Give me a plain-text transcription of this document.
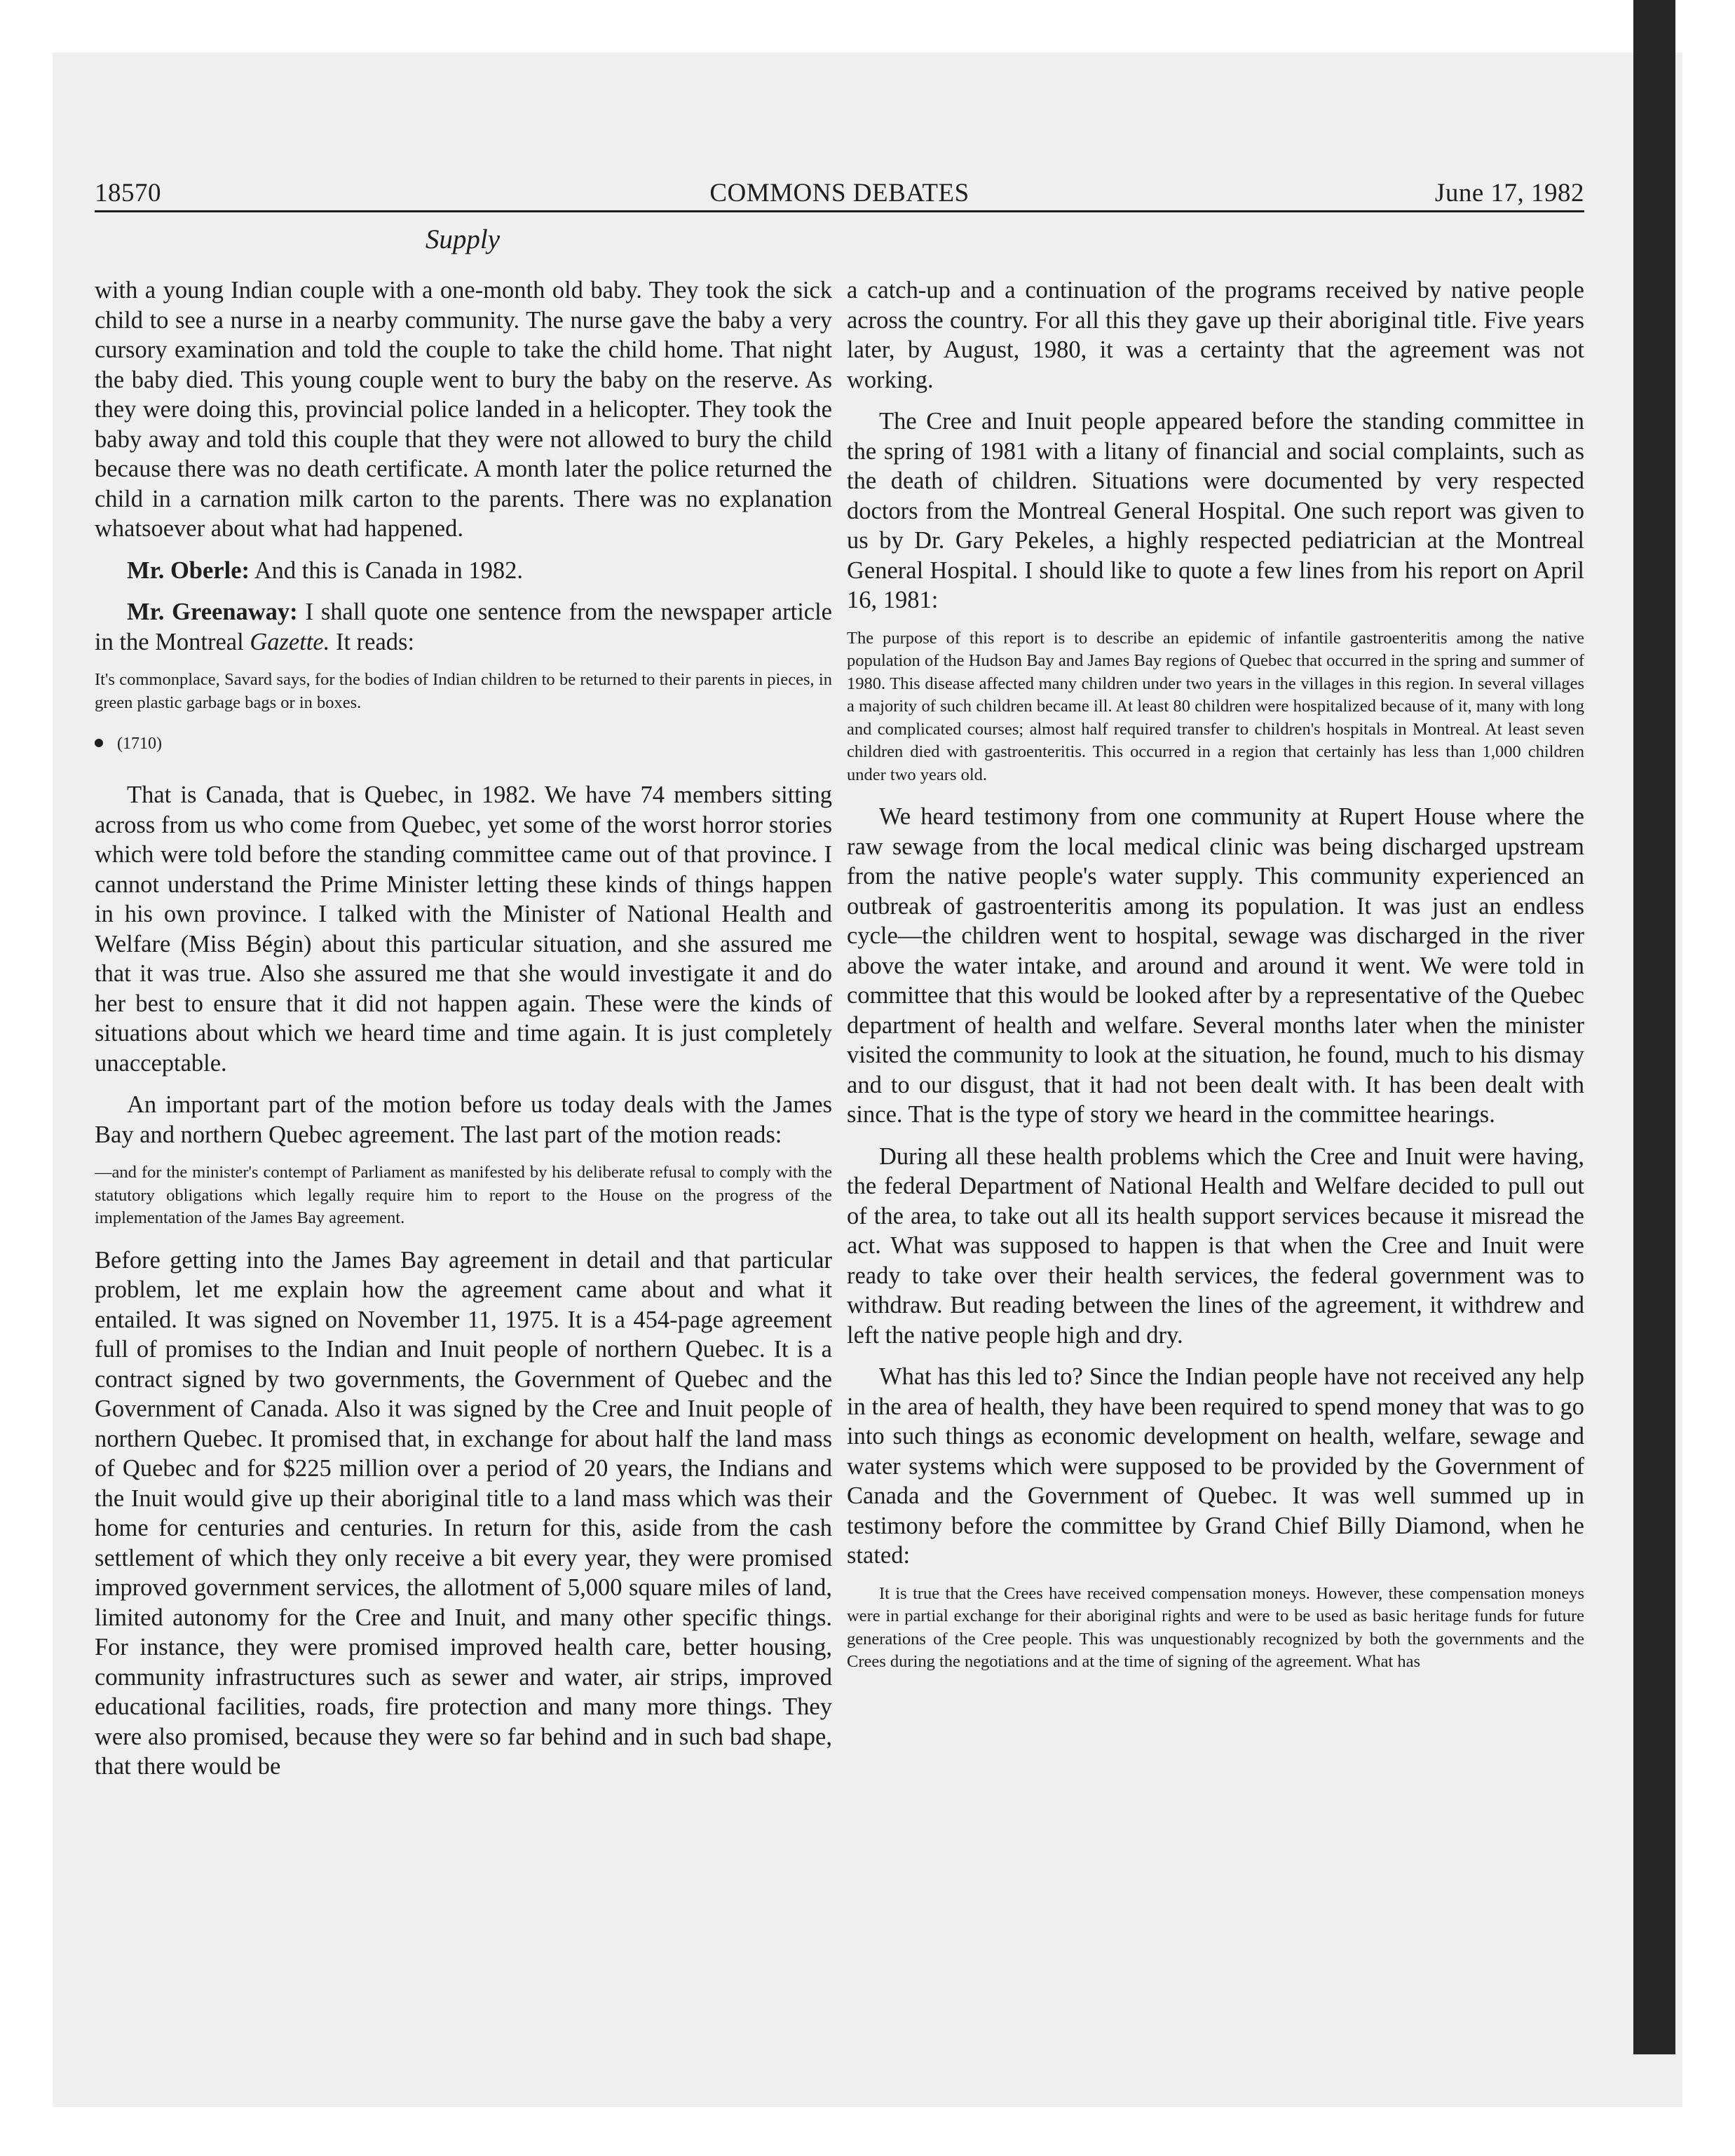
COMMONS DEBATES
18570	June 17, 1982
Supply

with a young Indian couple with a one-month old baby. They took the sick child to see a nurse in a nearby community. The nurse gave the baby a very cursory examination and told the couple to take the child home. That night the baby died. This young couple went to bury the baby on the reserve. As they were doing this, provincial police landed in a helicopter. They took the baby away and told this couple that they were not allowed to bury the child because there was no death certificate. A month later the police returned the child in a carnation milk carton to the parents. There was no explanation whatsoever about what had happened.

Mr. Oberle: And this is Canada in 1982.

Mr. Greenaway: I shall quote one sentence from the newspaper article in the Montreal Gazette. It reads:

It's commonplace, Savard says, for the bodies of Indian children to be returned to their parents in pieces, in green plastic garbage bags or in boxes.

(1710)

That is Canada, that is Quebec, in 1982. We have 74 members sitting across from us who come from Quebec, yet some of the worst horror stories which were told before the standing committee came out of that province. I cannot understand the Prime Minister letting these kinds of things happen in his own province. I talked with the Minister of National Health and Welfare (Miss Bégin) about this particular situation, and she assured me that it was true. Also she assured me that she would investigate it and do her best to ensure that it did not happen again. These were the kinds of situations about which we heard time and time again. It is just completely unacceptable.

An important part of the motion before us today deals with the James Bay and northern Quebec agreement. The last part of the motion reads:

—and for the minister's contempt of Parliament as manifested by his deliberate refusal to comply with the statutory obligations which legally require him to report to the House on the progress of the implementation of the James Bay agreement.

Before getting into the James Bay agreement in detail and that particular problem, let me explain how the agreement came about and what it entailed. It was signed on November 11, 1975. It is a 454-page agreement full of promises to the Indian and Inuit people of northern Quebec. It is a contract signed by two governments, the Government of Quebec and the Government of Canada. Also it was signed by the Cree and Inuit people of northern Quebec. It promised that, in exchange for about half the land mass of Quebec and for $225 million over a period of 20 years, the Indians and the Inuit would give up their aboriginal title to a land mass which was their home for centuries and centuries. In return for this, aside from the cash settlement of which they only receive a bit every year, they were promised improved government services, the allotment of 5,000 square miles of land, limited autonomy for the Cree and Inuit, and many other specific things. For instance, they were promised improved health care, better housing, community infrastructures such as sewer and water, air strips, improved educational facilities, roads, fire protection and many more things. They were also promised, because they were so far behind and in such bad shape, that there would be

a catch-up and a continuation of the programs received by native people across the country. For all this they gave up their aboriginal title. Five years later, by August, 1980, it was a certainty that the agreement was not working.

The Cree and Inuit people appeared before the standing committee in the spring of 1981 with a litany of financial and social complaints, such as the death of children. Situations were documented by very respected doctors from the Montreal General Hospital. One such report was given to us by Dr. Gary Pekeles, a highly respected pediatrician at the Montreal General Hospital. I should like to quote a few lines from his report on April 16, 1981:

The purpose of this report is to describe an epidemic of infantile gastroenteritis among the native population of the Hudson Bay and James Bay regions of Quebec that occurred in the spring and summer of 1980. This disease affected many children under two years in the villages in this region. In several villages a majority of such children became ill. At least 80 children were hospitalized because of it, many with long and complicated courses; almost half required transfer to children's hospitals in Montreal. At least seven children died with gastroenteritis. This occurred in a region that certainly has less than 1,000 children under two years old.

We heard testimony from one community at Rupert House where the raw sewage from the local medical clinic was being discharged upstream from the native people's water supply. This community experienced an outbreak of gastroenteritis among its population. It was just an endless cycle—the children went to hospital, sewage was discharged in the river above the water intake, and around and around it went. We were told in committee that this would be looked after by a representative of the Quebec department of health and welfare. Several months later when the minister visited the community to look at the situation, he found, much to his dismay and to our disgust, that it had not been dealt with. It has been dealt with since. That is the type of story we heard in the committee hearings.

During all these health problems which the Cree and Inuit were having, the federal Department of National Health and Welfare decided to pull out of the area, to take out all its health support services because it misread the act. What was supposed to happen is that when the Cree and Inuit were ready to take over their health services, the federal government was to withdraw. But reading between the lines of the agreement, it withdrew and left the native people high and dry.

What has this led to? Since the Indian people have not received any help in the area of health, they have been required to spend money that was to go into such things as economic development on health, welfare, sewage and water systems which were supposed to be provided by the Government of Canada and the Government of Quebec. It was well summed up in testimony before the committee by Grand Chief Billy Diamond, when he stated:

It is true that the Crees have received compensation moneys. However, these compensation moneys were in partial exchange for their aboriginal rights and were to be used as basic heritage funds for future generations of the Cree people. This was unquestionably recognized by both the governments and the Crees during the negotiations and at the time of signing of the agreement. What has
